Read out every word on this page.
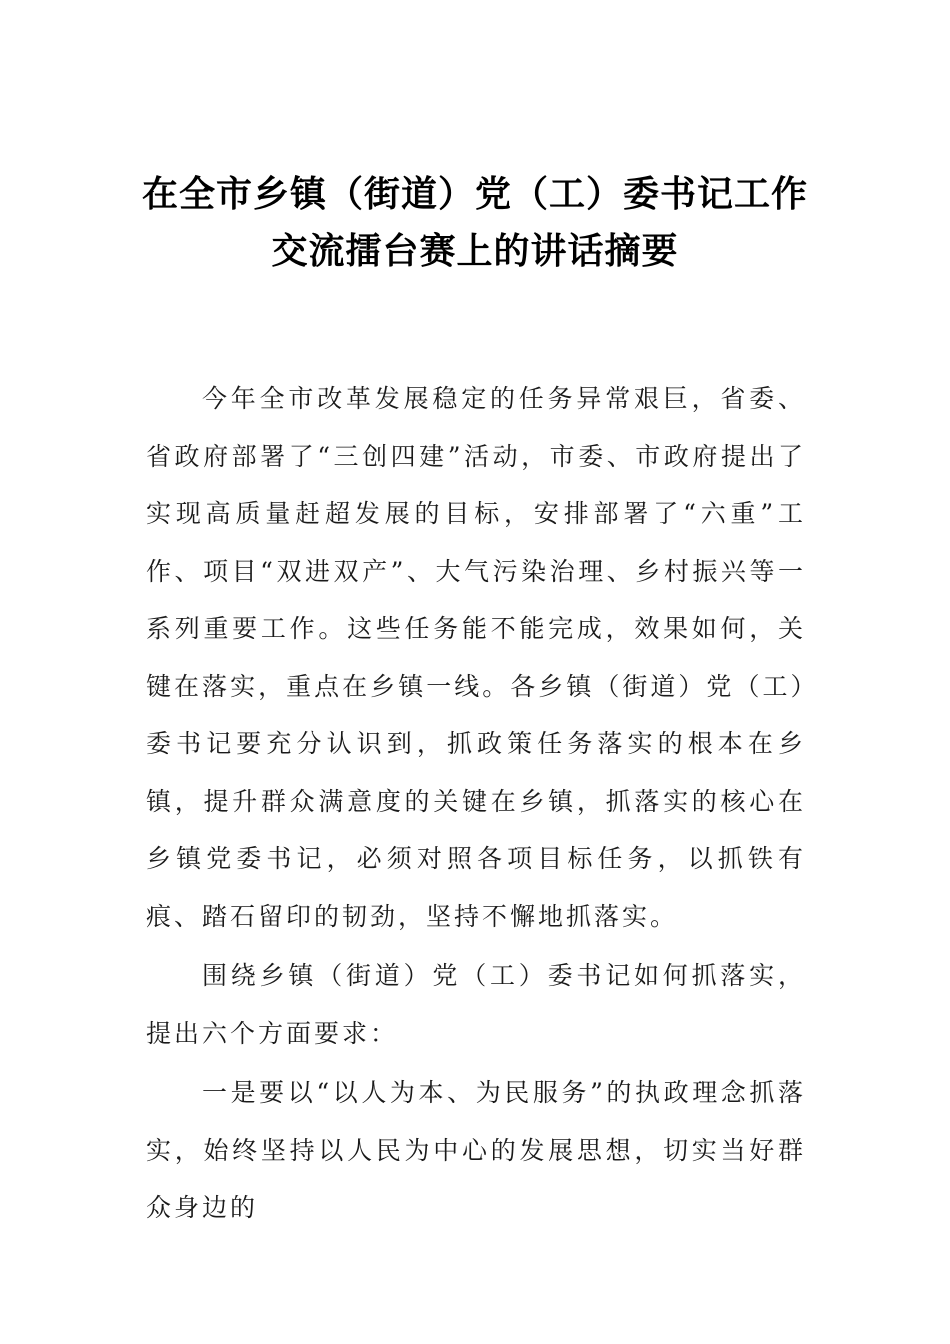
在全市乡镇（街道）党（工）委书记工作
交流擂台赛上的讲话摘要

今年全市改革发展稳定的任务异常艰巨，省委、省政府部署了“三创四建”活动，市委、市政府提出了实现高质量赶超发展的目标，安排部署了“六重”工作、项目“双进双产”、大气污染治理、乡村振兴等一系列重要工作。这些任务能不能完成，效果如何，关键在落实，重点在乡镇一线。各乡镇（街道）党（工）委书记要充分认识到，抓政策任务落实的根本在乡镇，提升群众满意度的关键在乡镇，抓落实的核心在乡镇党委书记，必须对照各项目标任务，以抓铁有痕、踏石留印的韧劲，坚持不懈地抓落实。

围绕乡镇（街道）党（工）委书记如何抓落实，提出六个方面要求：

一是要以“以人为本、为民服务”的执政理念抓落实，始终坚持以人民为中心的发展思想，切实当好群众身边的
